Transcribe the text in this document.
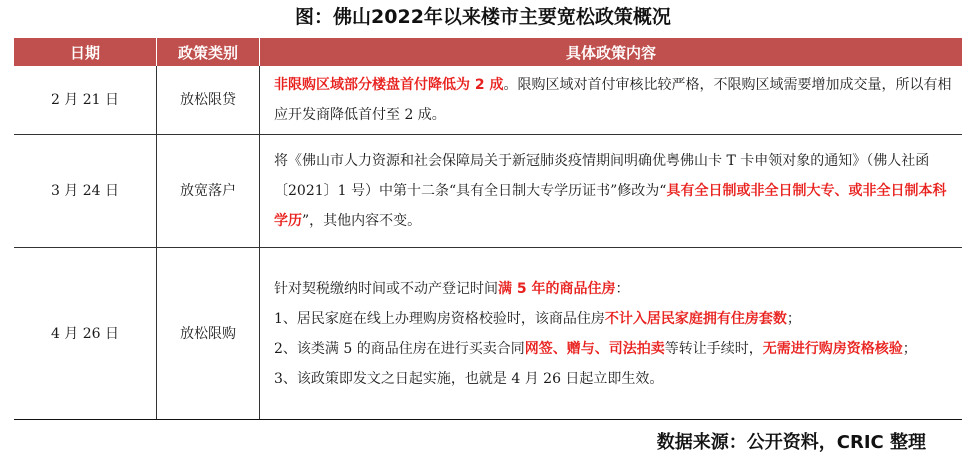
图：佛山2022年以来楼市主要宽松政策概况
日期	政策类别	具体政策内容
2 月 21 日	放松限贷	非限购区域部分楼盘首付降低为 2 成。限购区域对首付审核比较严格，不限购区域需要增加成交量，所以有相应开发商降低首付至 2 成。
3 月 24 日	放宽落户	将《佛山市人力资源和社会保障局关于新冠肺炎疫情期间明确优粤佛山卡 T 卡申领对象的通知》（佛人社函〔2021〕1 号）中第十二条“具有全日制大专学历证书”修改为“具有全日制或非全日制大专、或非全日制本科学历”，其他内容不变。
4 月 26 日	放松限购	针对契税缴纳时间或不动产登记时间满 5 年的商品住房：
1、居民家庭在线上办理购房资格校验时，该商品住房不计入居民家庭拥有住房套数；
2、该类满 5 的商品住房在进行买卖合同网签、赠与、司法拍卖等转让手续时，无需进行购房资格核验；
3、该政策即发文之日起实施，也就是 4 月 26 日起立即生效。
数据来源：公开资料，CRIC 整理
